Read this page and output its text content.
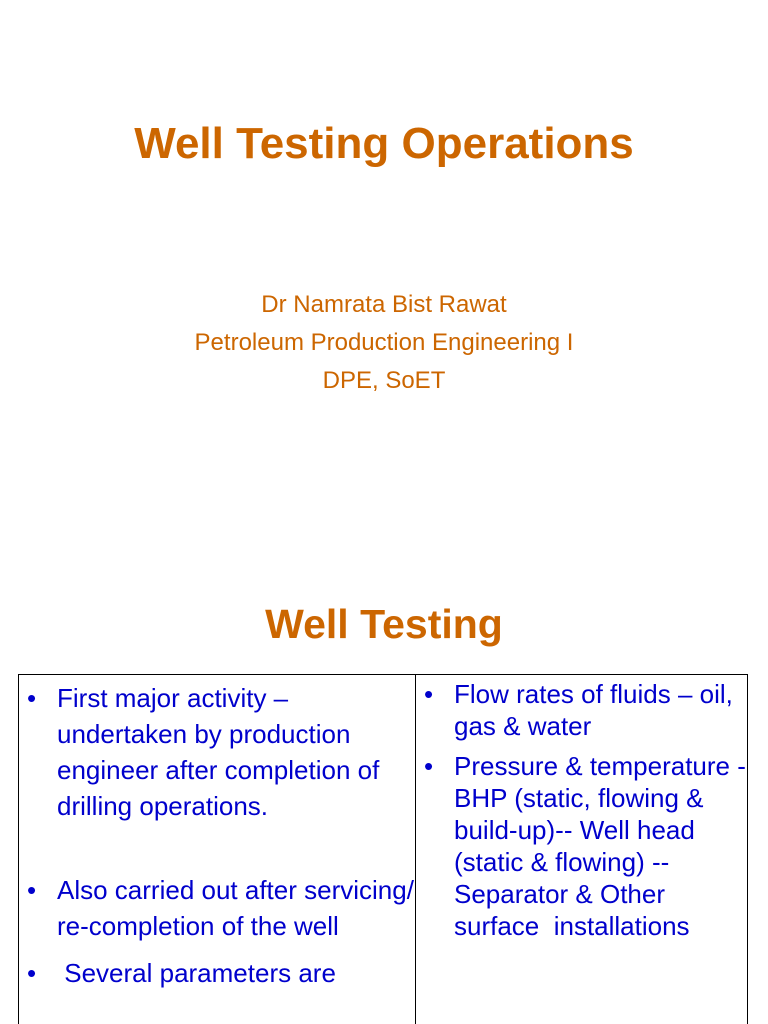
Well Testing Operations
Dr Namrata Bist Rawat
Petroleum Production Engineering I
DPE, SoET
Well Testing
• First major activity – undertaken by production engineer after completion of drilling operations.
• Also carried out after servicing/ re-completion of the well
• Several parameters are
• Flow rates of fluids – oil, gas & water
• Pressure & temperature - BHP (static, flowing & build-up)-- Well head (static & flowing) -- Separator & Other surface  installations
